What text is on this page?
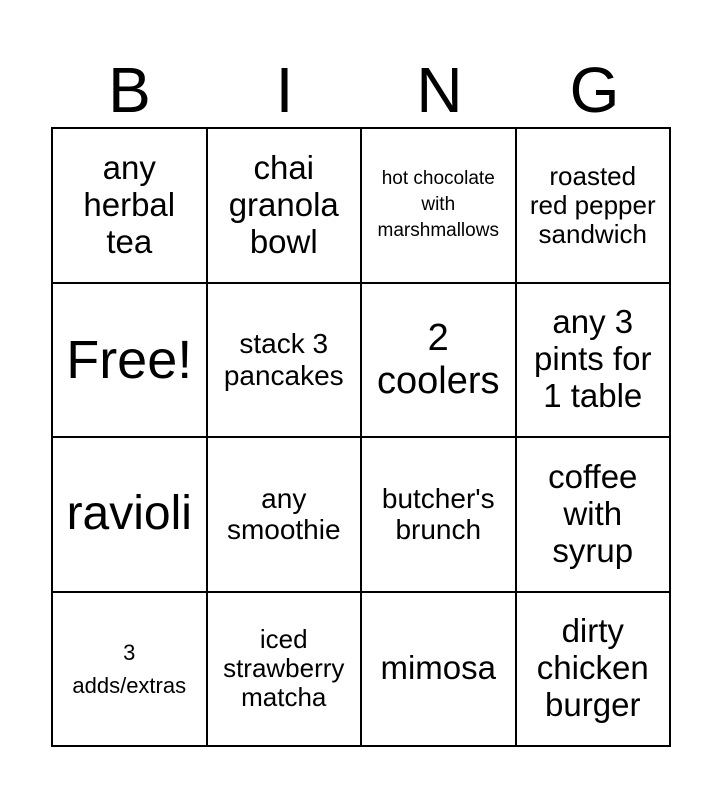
B	I	N	G
any herbal tea	chai granola bowl	hot chocolate with marshmallows	roasted red pepper sandwich
Free!	stack 3 pancakes	2 coolers	any 3 pints for 1 table
ravioli	any smoothie	butcher's brunch	coffee with syrup
3 adds/extras	iced strawberry matcha	mimosa	dirty chicken burger
